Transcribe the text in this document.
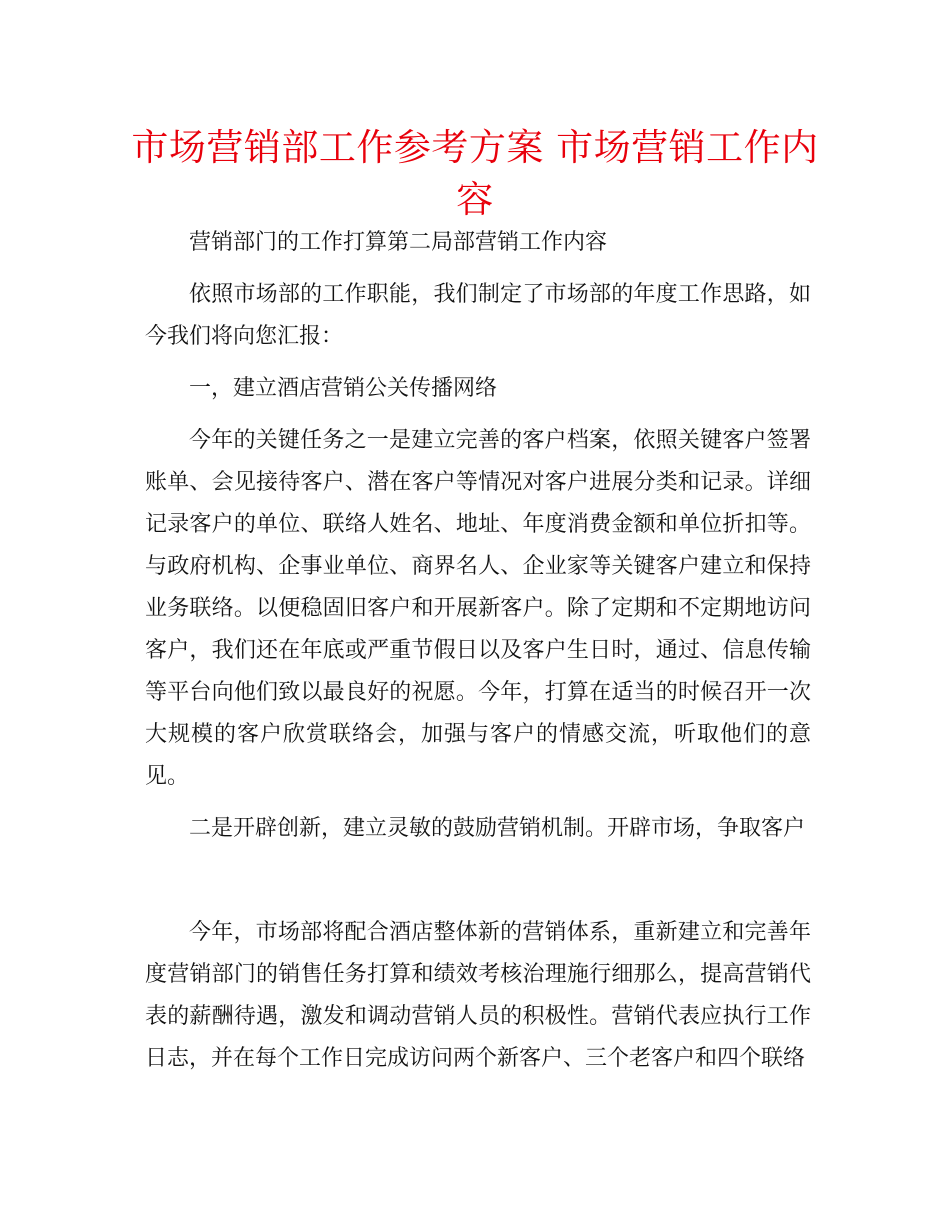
市场营销部工作参考方案 市场营销工作内容

营销部门的工作打算第二局部营销工作内容

依照市场部的工作职能，我们制定了市场部的年度工作思路，如今我们将向您汇报：

一，建立酒店营销公关传播网络

今年的关键任务之一是建立完善的客户档案，依照关键客户签署账单、会见接待客户、潜在客户等情况对客户进展分类和记录。详细记录客户的单位、联络人姓名、地址、年度消费金额和单位折扣等。与政府机构、企事业单位、商界名人、企业家等关键客户建立和保持业务联络。以便稳固旧客户和开展新客户。除了定期和不定期地访问客户，我们还在年底或严重节假日以及客户生日时，通过、信息传输等平台向他们致以最良好的祝愿。今年，打算在适当的时候召开一次大规模的客户欣赏联络会，加强与客户的情感交流，听取他们的意见。

二是开辟创新，建立灵敏的鼓励营销机制。开辟市场，争取客户

今年，市场部将配合酒店整体新的营销体系，重新建立和完善年度营销部门的销售任务打算和绩效考核治理施行细那么，提高营销代表的薪酬待遇，激发和调动营销人员的积极性。营销代表应执行工作日志，并在每个工作日完成访问两个新客户、三个老客户和四个联络
